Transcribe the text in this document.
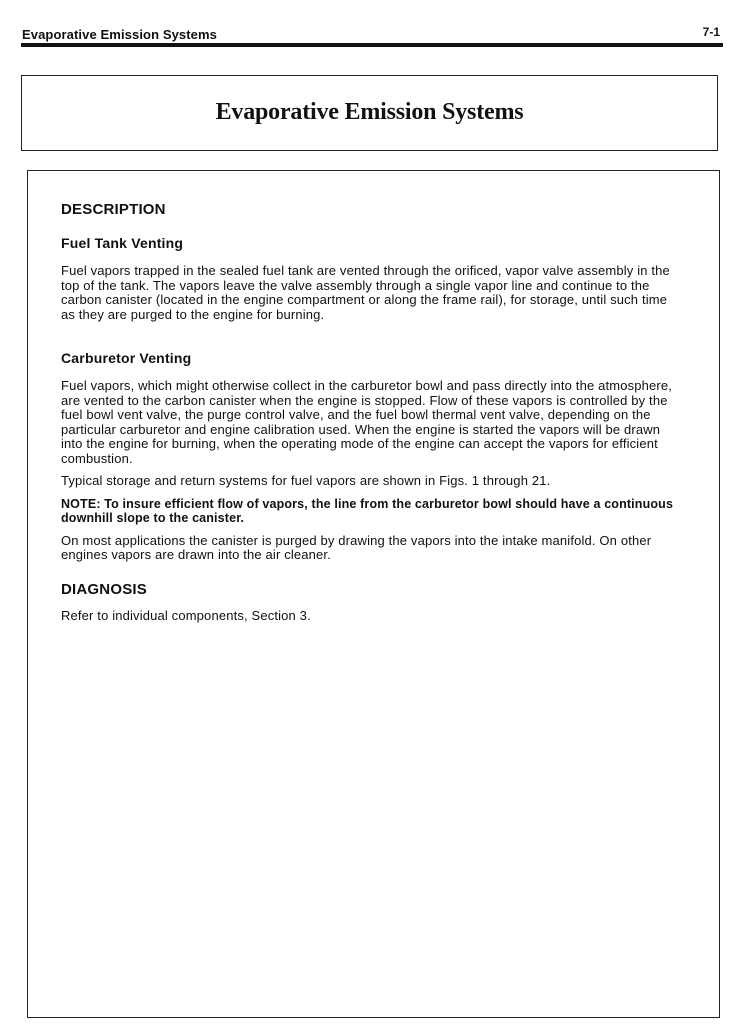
Evaporative Emission Systems	7-1
Evaporative Emission Systems
DESCRIPTION
Fuel Tank Venting

Fuel vapors trapped in the sealed fuel tank are vented through the orificed, vapor valve assembly in the top of the tank. The vapors leave the valve assembly through a single vapor line and continue to the carbon canister (located in the engine compartment or along the frame rail), for storage, until such time as they are purged to the engine for burning.

Carburetor Venting

Fuel vapors, which might otherwise collect in the carburetor bowl and pass directly into the atmosphere, are vented to the carbon canister when the engine is stopped. Flow of these vapors is controlled by the fuel bowl vent valve, the purge control valve, and the fuel bowl thermal vent valve, depending on the particular carburetor and engine calibration used. When the engine is started the vapors will be drawn into the engine for burning, when the operating mode of the engine can accept the vapors for efficient combustion.

Typical storage and return systems for fuel vapors are shown in Figs. 1 through 21.

NOTE: To insure efficient flow of vapors, the line from the carburetor bowl should have a continuous downhill slope to the canister.

On most applications the canister is purged by drawing the vapors into the intake manifold. On other engines vapors are drawn into the air cleaner.

DIAGNOSIS

Refer to individual components, Section 3.
